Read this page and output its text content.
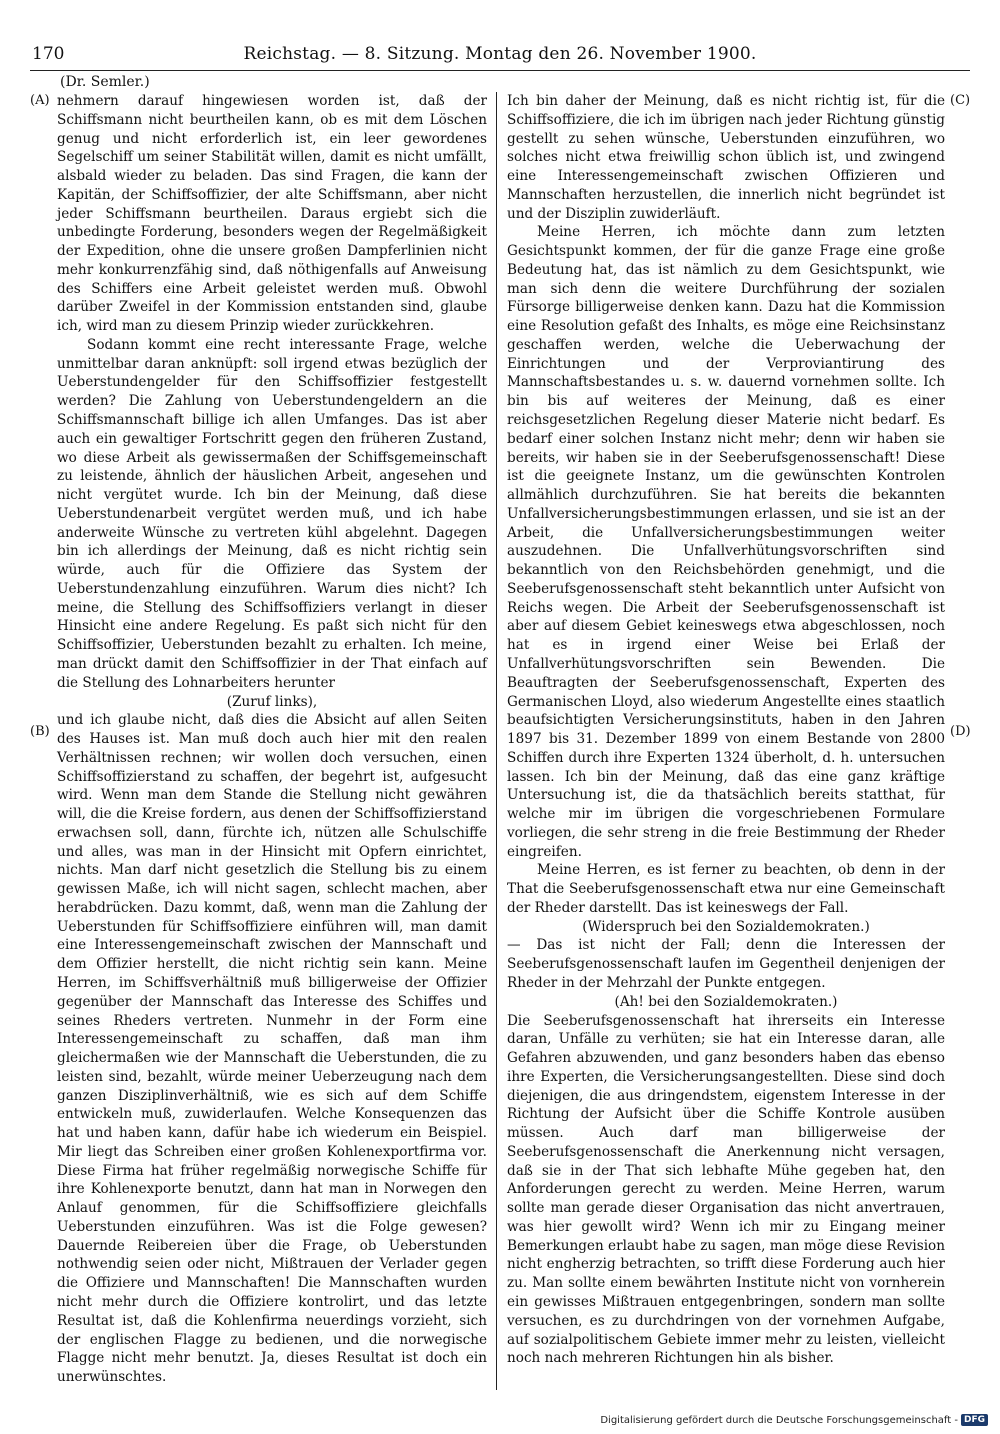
170	Reichstag. — 8. Sitzung. Montag den 26. November 1900.
(Dr. Semler.)
(A)
(B)
(C)
(D)

nehmern darauf hingewiesen worden ist, daß der Schiffsmann nicht beurtheilen kann, ob es mit dem Löschen genug und nicht erforderlich ist, ein leer gewordenes Segelschiff um seiner Stabilität willen, damit es nicht umfällt, alsbald wieder zu beladen. Das sind Fragen, die kann der Kapitän, der Schiffsoffizier, der alte Schiffsmann, aber nicht jeder Schiffsmann beurtheilen. Daraus ergiebt sich die unbedingte Forderung, besonders wegen der Regelmäßigkeit der Expedition, ohne die unsere großen Dampferlinien nicht mehr konkurrenzfähig sind, daß nöthigenfalls auf Anweisung des Schiffers eine Arbeit geleistet werden muß. Obwohl darüber Zweifel in der Kommission entstanden sind, glaube ich, wird man zu diesem Prinzip wieder zurückkehren.

Sodann kommt eine recht interessante Frage, welche unmittelbar daran anknüpft: soll irgend etwas bezüglich der Ueberstundengelder für den Schiffsoffizier festgestellt werden? Die Zahlung von Ueberstundengeldern an die Schiffsmannschaft billige ich allen Umfanges. Das ist aber auch ein gewaltiger Fortschritt gegen den früheren Zustand, wo diese Arbeit als gewissermaßen der Schiffsgemeinschaft zu leistende, ähnlich der häuslichen Arbeit, angesehen und nicht vergütet wurde. Ich bin der Meinung, daß diese Ueberstundenarbeit vergütet werden muß, und ich habe anderweite Wünsche zu vertreten kühl abgelehnt. Dagegen bin ich allerdings der Meinung, daß es nicht richtig sein würde, auch für die Offiziere das System der Ueberstundenzahlung einzuführen. Warum dies nicht? Ich meine, die Stellung des Schiffsoffiziers verlangt in dieser Hinsicht eine andere Regelung. Es paßt sich nicht für den Schiffsoffizier, Ueberstunden bezahlt zu erhalten. Ich meine, man drückt damit den Schiffsoffizier in der That einfach auf die Stellung des Lohnarbeiters herunter

(Zuruf links),

und ich glaube nicht, daß dies die Absicht auf allen Seiten des Hauses ist. Man muß doch auch hier mit den realen Verhältnissen rechnen; wir wollen doch versuchen, einen Schiffsoffizierstand zu schaffen, der begehrt ist, aufgesucht wird. Wenn man dem Stande die Stellung nicht gewähren will, die die Kreise fordern, aus denen der Schiffsoffizierstand erwachsen soll, dann, fürchte ich, nützen alle Schulschiffe und alles, was man in der Hinsicht mit Opfern einrichtet, nichts. Man darf nicht gesetzlich die Stellung bis zu einem gewissen Maße, ich will nicht sagen, schlecht machen, aber herabdrücken. Dazu kommt, daß, wenn man die Zahlung der Ueberstunden für Schiffsoffiziere einführen will, man damit eine Interessengemeinschaft zwischen der Mannschaft und dem Offizier herstellt, die nicht richtig sein kann. Meine Herren, im Schiffsverhältniß muß billigerweise der Offizier gegenüber der Mannschaft das Interesse des Schiffes und seines Rheders vertreten. Nunmehr in der Form eine Interessengemeinschaft zu schaffen, daß man ihm gleichermaßen wie der Mannschaft die Ueberstunden, die zu leisten sind, bezahlt, würde meiner Ueberzeugung nach dem ganzen Disziplinverhältniß, wie es sich auf dem Schiffe entwickeln muß, zuwiderlaufen. Welche Konsequenzen das hat und haben kann, dafür habe ich wiederum ein Beispiel. Mir liegt das Schreiben einer großen Kohlenexportfirma vor. Diese Firma hat früher regelmäßig norwegische Schiffe für ihre Kohlenexporte benutzt, dann hat man in Norwegen den Anlauf genommen, für die Schiffsoffiziere gleichfalls Ueberstunden einzuführen. Was ist die Folge gewesen? Dauernde Reibereien über die Frage, ob Ueberstunden nothwendig seien oder nicht, Mißtrauen der Verlader gegen die Offiziere und Mannschaften! Die Mannschaften wurden nicht mehr durch die Offiziere kontrolirt, und das letzte Resultat ist, daß die Kohlenfirma neuerdings vorzieht, sich der englischen Flagge zu bedienen, und die norwegische Flagge nicht mehr benutzt. Ja, dieses Resultat ist doch ein unerwünschtes.

Ich bin daher der Meinung, daß es nicht richtig ist, für die Schiffsoffiziere, die ich im übrigen nach jeder Richtung günstig gestellt zu sehen wünsche, Ueberstunden einzuführen, wo solches nicht etwa freiwillig schon üblich ist, und zwingend eine Interessengemeinschaft zwischen Offizieren und Mannschaften herzustellen, die innerlich nicht begründet ist und der Disziplin zuwiderläuft.

Meine Herren, ich möchte dann zum letzten Gesichtspunkt kommen, der für die ganze Frage eine große Bedeutung hat, das ist nämlich zu dem Gesichtspunkt, wie man sich denn die weitere Durchführung der sozialen Fürsorge billigerweise denken kann. Dazu hat die Kommission eine Resolution gefaßt des Inhalts, es möge eine Reichsinstanz geschaffen werden, welche die Ueberwachung der Einrichtungen und der Verproviantirung des Mannschaftsbestandes u. s. w. dauernd vornehmen sollte. Ich bin bis auf weiteres der Meinung, daß es einer reichsgesetzlichen Regelung dieser Materie nicht bedarf. Es bedarf einer solchen Instanz nicht mehr; denn wir haben sie bereits, wir haben sie in der Seeberufsgenossenschaft! Diese ist die geeignete Instanz, um die gewünschten Kontrolen allmählich durchzuführen. Sie hat bereits die bekannten Unfallversicherungsbestimmungen erlassen, und sie ist an der Arbeit, die Unfallversicherungsbestimmungen weiter auszudehnen. Die Unfallverhütungsvorschriften sind bekanntlich von den Reichsbehörden genehmigt, und die Seeberufsgenossenschaft steht bekanntlich unter Aufsicht von Reichs wegen. Die Arbeit der Seeberufsgenossenschaft ist aber auf diesem Gebiet keineswegs etwa abgeschlossen, noch hat es in irgend einer Weise bei Erlaß der Unfallverhütungsvorschriften sein Bewenden. Die Beauftragten der Seeberufsgenossenschaft, Experten des Germanischen Lloyd, also wiederum Angestellte eines staatlich beaufsichtigten Versicherungsinstituts, haben in den Jahren 1897 bis 31. Dezember 1899 von einem Bestande von 2800 Schiffen durch ihre Experten 1324 überholt, d. h. untersuchen lassen. Ich bin der Meinung, daß das eine ganz kräftige Untersuchung ist, die da thatsächlich bereits statthat, für welche mir im übrigen die vorgeschriebenen Formulare vorliegen, die sehr streng in die freie Bestimmung der Rheder eingreifen.

Meine Herren, es ist ferner zu beachten, ob denn in der That die Seeberufsgenossenschaft etwa nur eine Gemeinschaft der Rheder darstellt. Das ist keineswegs der Fall.

(Widerspruch bei den Sozialdemokraten.)

— Das ist nicht der Fall; denn die Interessen der Seeberufsgenossenschaft laufen im Gegentheil denjenigen der Rheder in der Mehrzahl der Punkte entgegen.

(Ah! bei den Sozialdemokraten.)

Die Seeberufsgenossenschaft hat ihrerseits ein Interesse daran, Unfälle zu verhüten; sie hat ein Interesse daran, alle Gefahren abzuwenden, und ganz besonders haben das ebenso ihre Experten, die Versicherungsangestellten. Diese sind doch diejenigen, die aus dringendstem, eigenstem Interesse in der Richtung der Aufsicht über die Schiffe Kontrole ausüben müssen. Auch darf man billigerweise der Seeberufsgenossenschaft die Anerkennung nicht versagen, daß sie in der That sich lebhafte Mühe gegeben hat, den Anforderungen gerecht zu werden. Meine Herren, warum sollte man gerade dieser Organisation das nicht anvertrauen, was hier gewollt wird? Wenn ich mir zu Eingang meiner Bemerkungen erlaubt habe zu sagen, man möge diese Revision nicht engherzig betrachten, so trifft diese Forderung auch hier zu. Man sollte einem bewährten Institute nicht von vornherein ein gewisses Mißtrauen entgegenbringen, sondern man sollte versuchen, es zu durchdringen von der vornehmen Aufgabe, auf sozialpolitischem Gebiete immer mehr zu leisten, vielleicht noch nach mehreren Richtungen hin als bisher.

Digitalisierung gefördert durch die Deutsche Forschungsgemeinschaft - DFG
